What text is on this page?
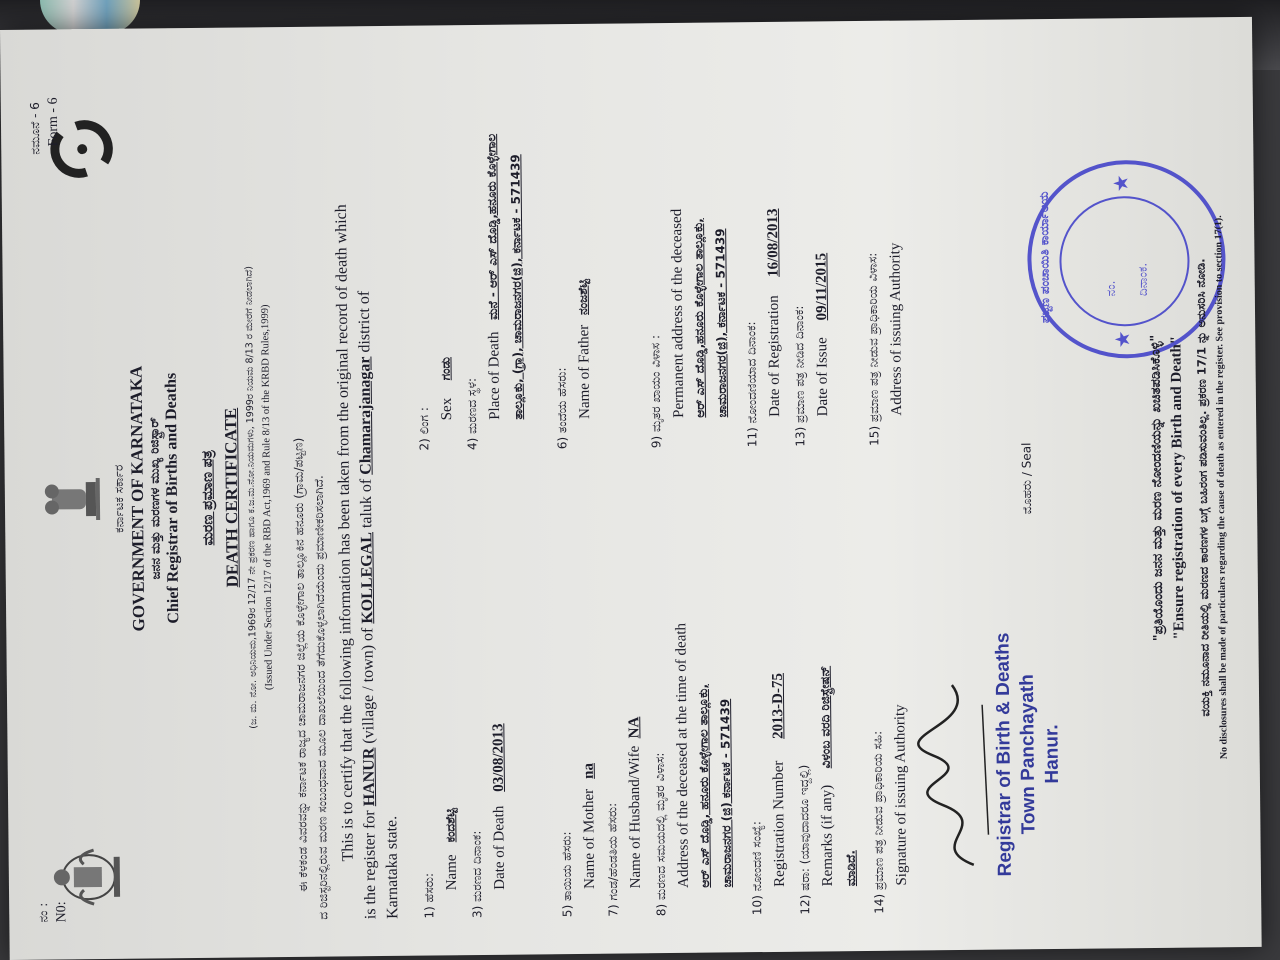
ನಂ : N0:
ನಮೂನೆ - 6 Form - 6
ಕರ್ನಾಟಕ ಸರ್ಕಾರ GOVERNMENT OF KARNATAKA
ಜನನ ಮತ್ತು ಮರಣಗಳ ಮುಖ್ಯ ರಿಜಿಸ್ಟ್ರಾರ್ Chief Registrar of Births and Deaths ಮರಣ ಪ್ರಮಾಣ ಪತ್ರ DEATH CERTIFICATE (ಜ. ಮ. ನೋ. ಅಧಿನಿಯಮ,1969ರ 12/17 ನೇ ಪ್ರಕರಣ ಹಾಗೂ ಕ.ಜ.ಮ.ನೋ.ನಿಯಮಗಳು, 1999ರ ನಿಯಮ 8/13 ರ ಮೇರೆಗೆ ನೀಡಲಾಗಿದೆ) (Issued Under Section 12/17 of the RBD Act,1969 and Rule 8/13 of the KRBD Rules,1999) ಈ ಕೆಳಕಂಡ ವಿವರವನ್ನು ಕರ್ನಾಟಕ ರಾಜ್ಯದ ಚಾಮರಾಜನಗರ ಜಿಲ್ಲೆಯ ಕೊಳ್ಳೇಗಾಲ ತಾಲ್ಲೂಕಿನ ಹನೂರು (ಗ್ರಾಮ/ಪಟ್ಟಣ) ದ ರಿಜಿಸ್ಟರಿನಲ್ಲಿರುವ ಮರಣ ಸಂಬಂಧವಾದ ಮೂಲ ದಾಖಲೆಯಿಂದ ತೆಗೆದುಕೊಳ್ಳಲಾಗಿದೆಯೆಂದು ಪ್ರಮಾಣೀಕರಿಸಲಾಗಿದೆ. This is to certify that the following information has been taken from the original record of death which
is the register for HANUR (village / town) of KOLLEGAL taluk of Chamarajanagar district of
Karnataka state. 1) ಹೆಸರು:
Name
ಕಂದಶೆಟ್ಟಿ
3) ಮರಣದ ದಿನಾಂಕ: Date of Death
03/08/2013
5) ತಾಯಿಯ ಹೆಸರು: Name of Mother
na
7) ಗಂಡ/ಹೆಂಡತಿಯ ಹೆಸರು: Name of Husband/Wife
NA
8) ಮರಣದ ಸಮಯದಲ್ಲಿ ಮೃತರ ವಿಳಾಸ: Address of the deceased at the time of death ಆರ್ ಎಸ್ ದೊಡ್ಡಿ, ಹನೂರು ಕೊಳ್ಳೇಗಾಲ ತಾಲ್ಲೂಕು, ಚಾಮರಾಜನಗರ (ಜಿ) ಕರ್ನಾಟಕ - 571439 10) ನೋಂದಣಿ ಸಂಖ್ಯೆ: Registration Number
2013-D-75
12) ಷರಾ: (ಯಾವುದಾದರೂ ಇದ್ದಲ್ಲಿ) Remarks (if any)
ವಿಳಂಬ ವರದಿ ರಿಜಿಸ್ಟ್ರೇಷನ್
ಮಾಡಿದೆ. 14) ಪ್ರಮಾಣ ಪತ್ರ ನೀಡುವ ಪ್ರಾಧಿಕಾರಿಯ ಸಹಿ: Signature of issuing Authority
2) ಲಿಂಗ : Sex
ಗಂಡು
4) ಮರಣದ ಸ್ಥಳ: Place of Death
ಮನೆ - ಆರ್ ಎಸ್ ದೊಡ್ಡಿ,ಹನೂರು ಕೊಳ್ಳೇಗಾಲ ತಾಲ್ಲೂಕು, (ಗ್ರಾ), ಚಾಮರಾಜನಗರ(ಜಿ), ಕರ್ನಾಟಕ - 571439 6) ತಂದೆಯ ಹೆಸರು: Name of Father
ನಂಜಶೆಟ್ಟಿ
9) ಮೃತರ ಖಾಯಂ ವಿಳಾಸ : Permanent address of the deceased ಆರ್ ಎಸ್ ದೊಡ್ಡಿ,ಹನೂರು ಕೊಳ್ಳೇಗಾಲ ತಾಲ್ಲೂಕು, ಚಾಮರಾಜನಗರ(ಜಿ), ಕರ್ನಾಟಕ - 571439 11) ನೋಂದಣಿಯಾದ ದಿನಾಂಕ: Date of Registration
16/08/2013
13) ಪ್ರಮಾಣ ಪತ್ರ ನೀಡಿದ ದಿನಾಂಕ: Date of Issue
09/11/2015	15) ಪ್ರಮಾಣ ಪತ್ರ ನೀಡುವ ಪ್ರಾಧಿಕಾರಿಯ ವಿಳಾಸ: Address of issuing Authority
ಮೊಹರು / Seal
Registrar of Birth & Deaths Town Panchayath Hanur.
ಪಟ್ಟಣ ಪಂಚಾಯಿತಿ ಕಾರ್ಯಾಲಯ	ನಂ. ದಿನಾಂಕ.
★
★
"ಪ್ರತಿಯೊಂದು ಜನನ ಮತ್ತು ಮರಣ ನೋಂದಣಿಯನ್ನು ಖಚಿತಪಡಿಸಿಕೊಳ್ಳಿ" "Ensure registration of every Birth and Death" ವಯಕ್ತಿ ನಮೂನಾದ ರೀತಿಯಲ್ಲಿ ಮರಣದ ಕಾರಣಗಳ ಬಗ್ಗೆ ಬಹಿರಂಗ ಪಡಿಸುವಂತಿಲ್ಲ. ಪ್ರಕರಣ 17/1 ನ್ನು ಅನುಸರಿಸಿ ನೋಡಿ. No disclosures shall be made of particulars regarding the cause of death as entered in the register. See provision to section 17(1).
